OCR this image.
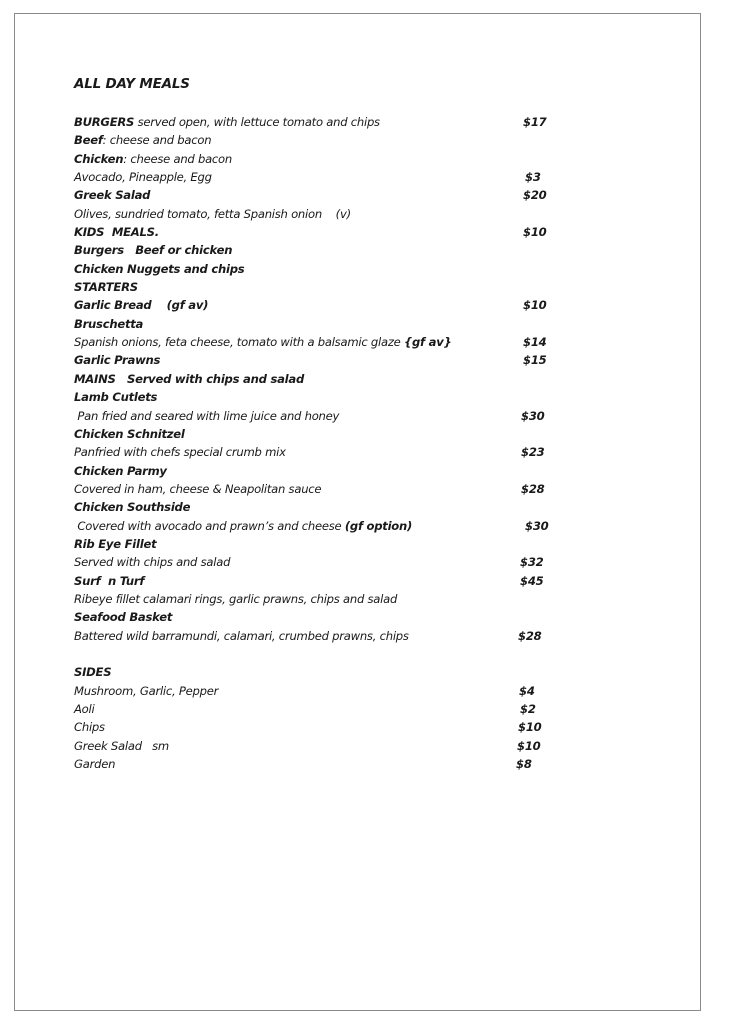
ALL DAY MEALS
BURGERS served open, with lettuce tomato and chips	$17
Beef: cheese and bacon
Chicken: cheese and bacon
Avocado, Pineapple, Egg	$3
Greek Salad	$20
Olives, sundried tomato, fetta Spanish onion    (v)
KIDS  MEALS.	$10
Burgers   Beef or chicken
Chicken Nuggets and chips
STARTERS
Garlic Bread    (gf av)	$10
Bruschetta
Spanish onions, feta cheese, tomato with a balsamic glaze {gf av}	$14
Garlic Prawns	$15
MAINS   Served with chips and salad
Lamb Cutlets
Pan fried and seared with lime juice and honey	$30
Chicken Schnitzel
Panfried with chefs special crumb mix	$23
Chicken Parmy
Covered in ham, cheese & Neapolitan sauce	$28
Chicken Southside
Covered with avocado and prawn’s and cheese (gf option)	$30
Rib Eye Fillet
Served with chips and salad	$32
Surf  n Turf	$45
Ribeye fillet calamari rings, garlic prawns, chips and salad
Seafood Basket
Battered wild barramundi, calamari, crumbed prawns, chips	$28
SIDES
Mushroom, Garlic, Pepper	$4
Aoli	$2
Chips	$10
Greek Salad   sm	$10
Garden	$8
